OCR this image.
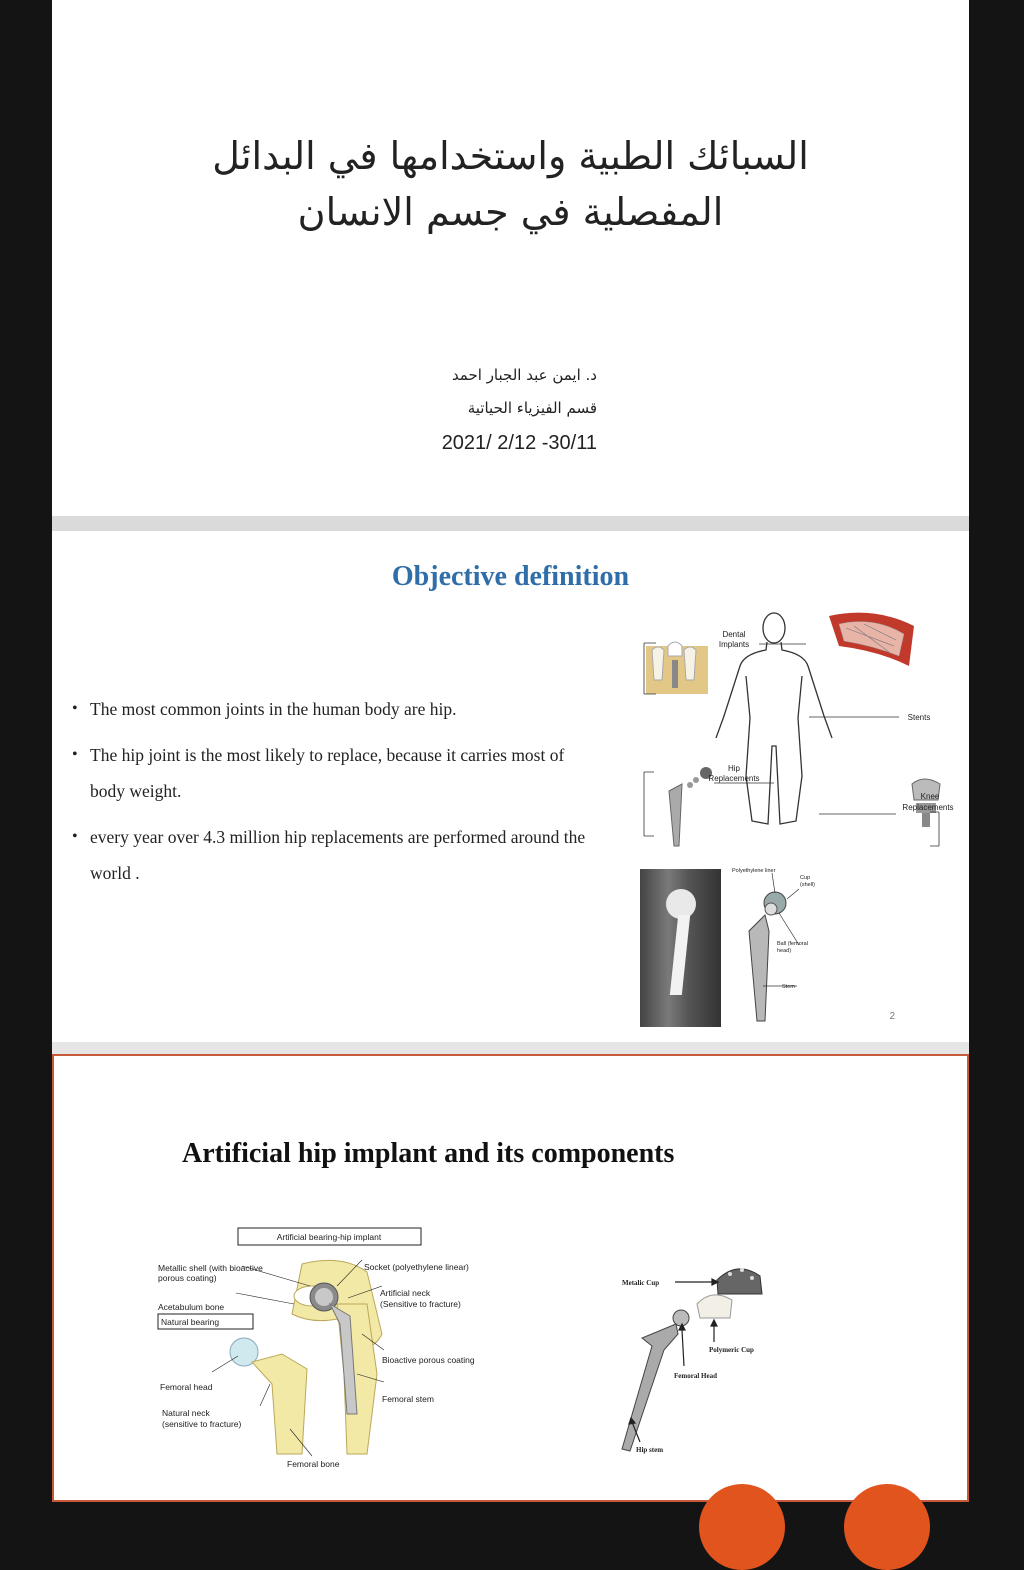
السبائك الطبية واستخدامها في البدائل
المفصلية في جسم الانسان
د. ايمن عبد الجبار احمد
قسم الفيزياء الحياتية
2021/ 2/12 -30/11
Objective definition
• The most common joints in the human body are hip.
• The hip joint is the most likely to replace, because it carries most of body weight.
• every year over 4.3 million hip replacements are performed around the world .
Dental
Implants
Stents
Hip
Replacements
Knee
Replacements
Polyethylene liner
Cup
(shell)
Ball (femoral
head)
Stem
2
Artificial hip implant and its components
Artificial bearing-hip implant
Metallic shell (with bioactive
porous coating)
Acetabulum bone
Natural bearing
Femoral head
Natural neck
(sensitive to fracture)
Socket (polyethylene linear)
Artificial neck
(Sensitive to fracture)
Bioactive porous coating
Femoral stem
Femoral bone
Metalic Cup
Polymeric Cup
Femoral Head
Hip stem
